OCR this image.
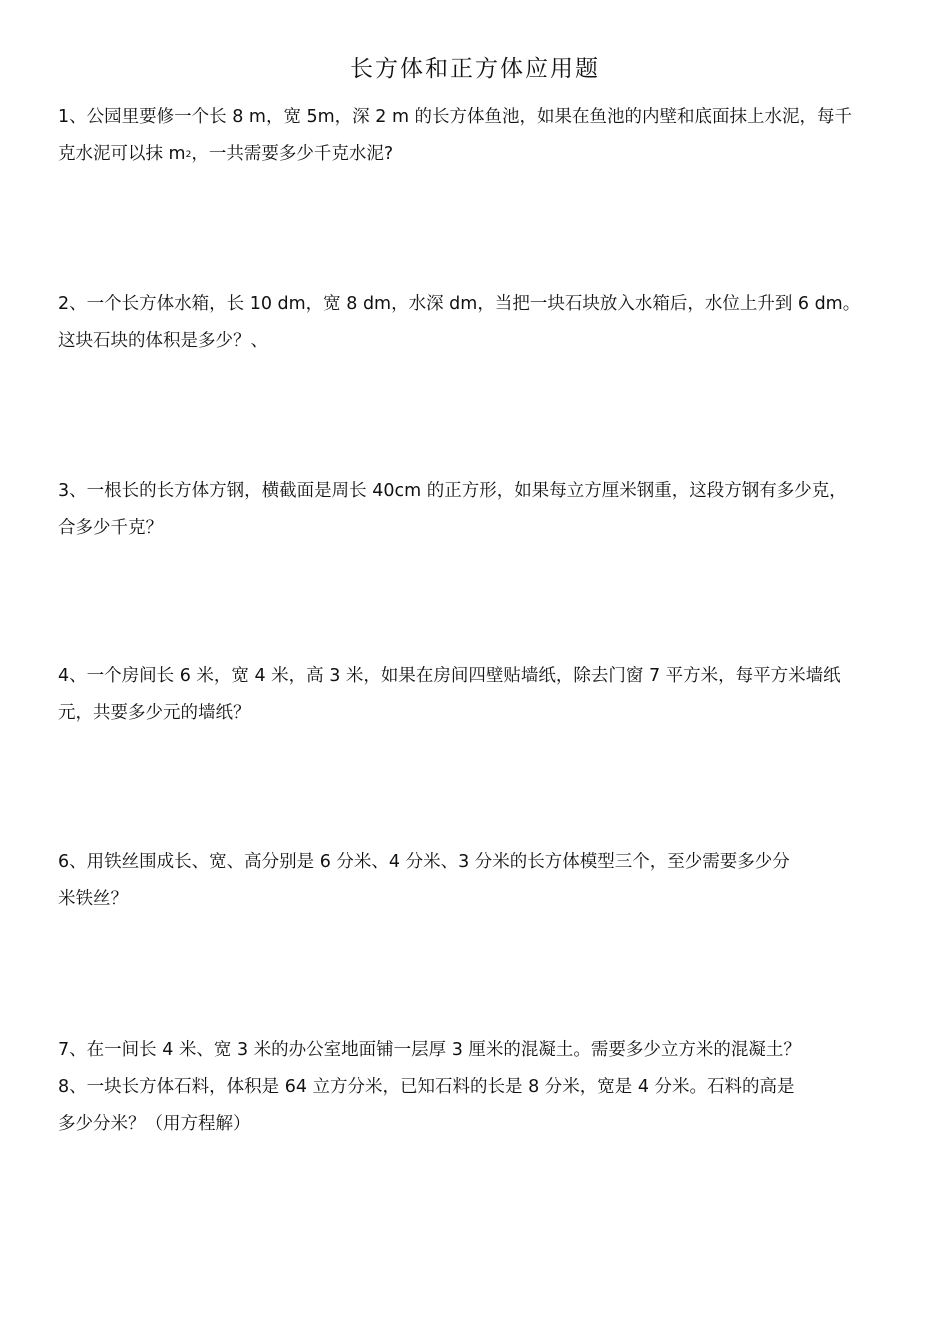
长方体和正方体应用题
1、公园里要修一个长 8 m，宽 5m，深 2 m 的长方体鱼池，如果在鱼池的内壁和底面抹上水泥，每千
克水泥可以抹 $m^2$，一共需要多少千克水泥?
2、一个长方体水箱，长 10 dm，宽 8 dm，水深 dm，当把一块石块放入水箱后，水位上升到 6 dm。
这块石块的体积是多少？、
3、一根长的长方体方钢，横截面是周长 40cm 的正方形，如果每立方厘米钢重，这段方钢有多少克，
合多少千克？
4、一个房间长 6 米，宽 4 米，高 3 米，如果在房间四壁贴墙纸，除去门窗 7 平方米，每平方米墙纸
元，共要多少元的墙纸？
6、用铁丝围成长、宽、高分别是 6 分米、4 分米、3 分米的长方体模型三个，至少需要多少分
米铁丝？
7、在一间长 4 米、宽 3 米的办公室地面铺一层厚 3 厘米的混凝土。需要多少立方米的混凝土？
8、一块长方体石料，体积是 64 立方分米，已知石料的长是 8 分米，宽是 4 分米。石料的高是
多少分米？（用方程解）
